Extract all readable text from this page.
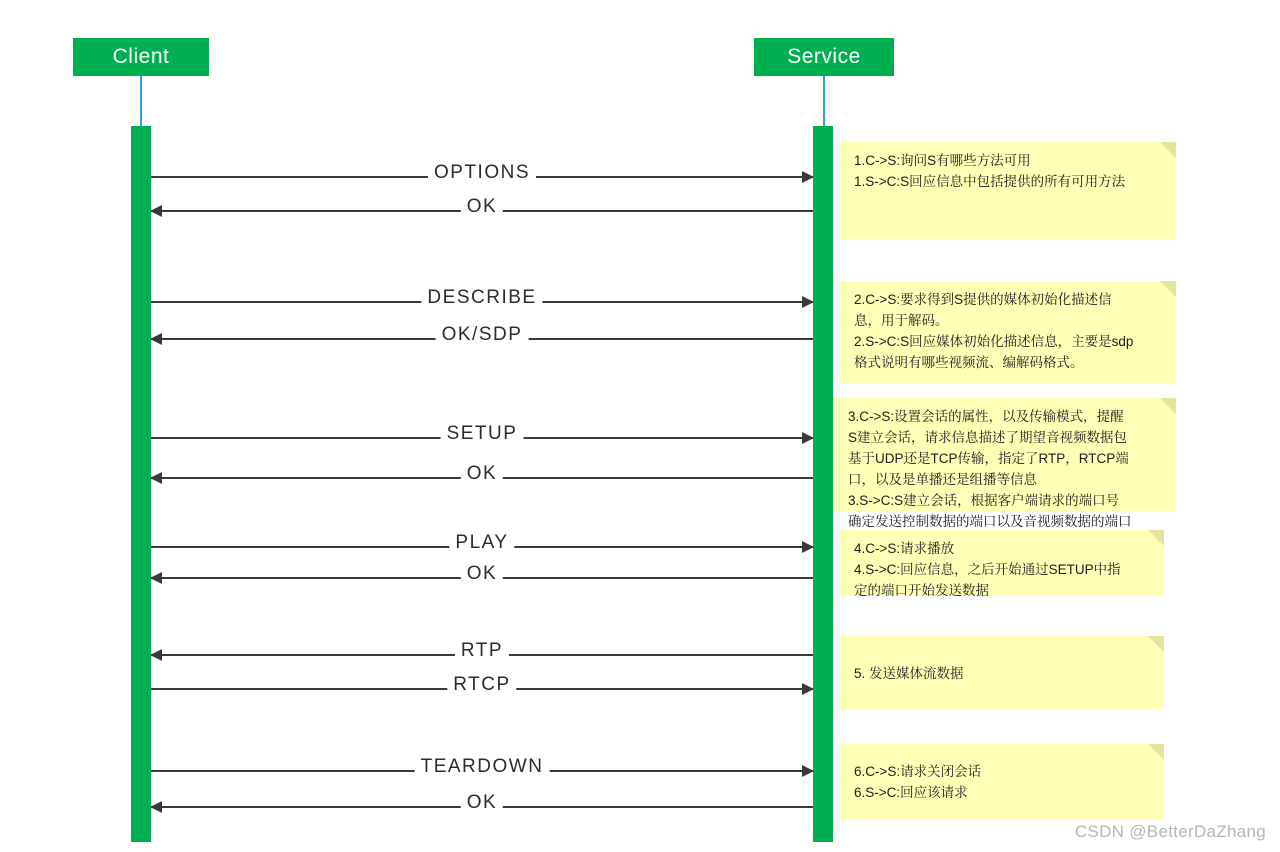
Client	Service
OPTIONS
OK
DESCRIBE
OK/SDP
SETUP
OK
PLAY
OK
RTP
RTCP
TEARDOWN
OK

1.C->S:询问S有哪些方法可用

1.S->C:S回应信息中包括提供的所有可用方法

2.C->S:要求得到S提供的媒体初始化描述信

息，用于解码。

2.S->C:S回应媒体初始化描述信息，主要是sdp

格式说明有哪些视频流、编解码格式。

3.C->S:设置会话的属性，以及传输模式，提醒

S建立会话，请求信息描述了期望音视频数据包

基于UDP还是TCP传输，指定了RTP，RTCP端

口，以及是单播还是组播等信息

3.S->C:S建立会话，根据客户端请求的端口号

确定发送控制数据的端口以及音视频数据的端口

4.C->S:请求播放

4.S->C:回应信息，之后开始通过SETUP中指

定的端口开始发送数据

5. 发送媒体流数据

6.C->S:请求关闭会话

6.S->C:回应该请求

CSDN @BetterDaZhang
